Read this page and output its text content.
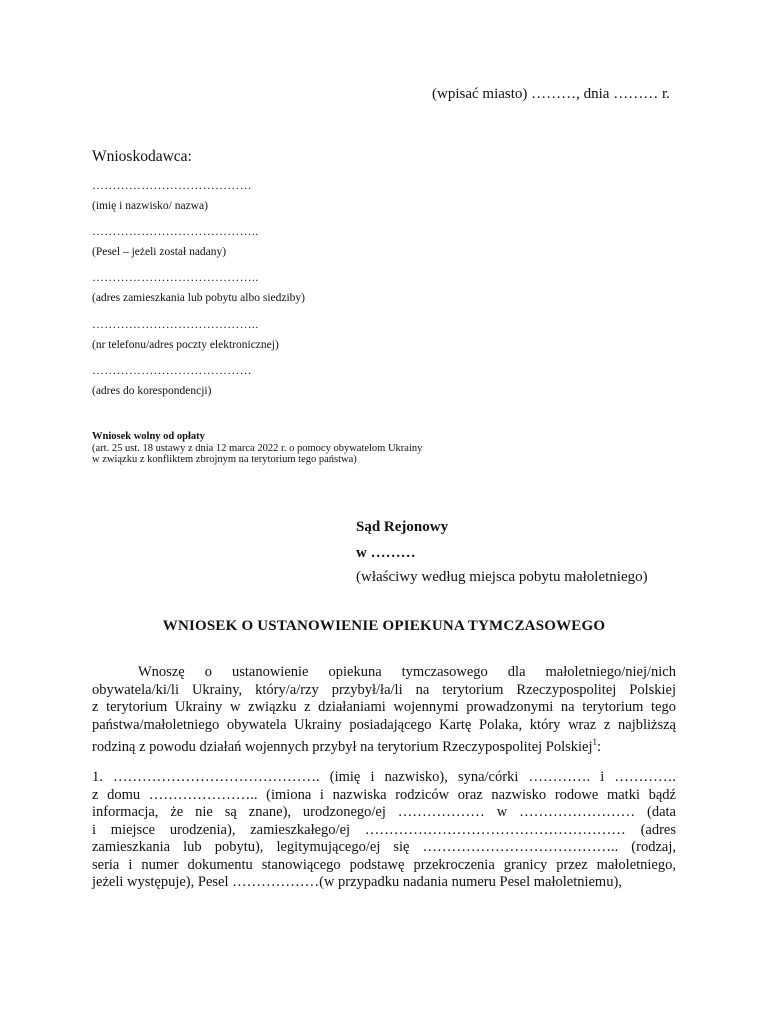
(wpisać miasto) ………, dnia ……… r.
Wnioskodawca:
…………………………………
(imię i nazwisko/ nazwa)
…………………………………..
(Pesel – jeżeli został nadany)
…………………………………..
(adres zamieszkania lub pobytu albo siedziby)
…………………………………..
(nr telefonu/adres poczty elektronicznej)
…………………………………
(adres do korespondencji)
Wniosek wolny od opłaty
(art. 25 ust. 18 ustawy z dnia 12 marca 2022 r. o pomocy obywatelom Ukrainy
w związku z konfliktem zbrojnym na terytorium tego państwa)
Sąd Rejonowy
w ………
(właściwy według miejsca pobytu małoletniego)
WNIOSEK O USTANOWIENIE OPIEKUNA TYMCZASOWEGO
Wnoszę o ustanowienie opiekuna tymczasowego dla małoletniego/niej/nich
obywatela/ki/li Ukrainy, który/a/rzy przybył/ła/li na terytorium Rzeczypospolitej Polskiej
z terytorium Ukrainy w związku z działaniami wojennymi prowadzonymi na terytorium tego
państwa/małoletniego obywatela Ukrainy posiadającego Kartę Polaka, który wraz z najbliższą
rodziną z powodu działań wojennych przybył na terytorium Rzeczypospolitej Polskiej$^1$:
1. ……………………………………. (imię i nazwisko), syna/córki …………. i ………….
z domu ………………….. (imiona i nazwiska rodziców oraz nazwisko rodowe matki bądź
informacja, że nie są znane), urodzonego/ej ……………… w …………………… (data
i miejsce urodzenia), zamieszkałego/ej ……………………………………………… (adres
zamieszkania lub pobytu), legitymującego/ej się ………………………………….. (rodzaj,
seria i numer dokumentu stanowiącego podstawę przekroczenia granicy przez małoletniego,
jeżeli występuje), Pesel ………………(w przypadku nadania numeru Pesel małoletniemu),
